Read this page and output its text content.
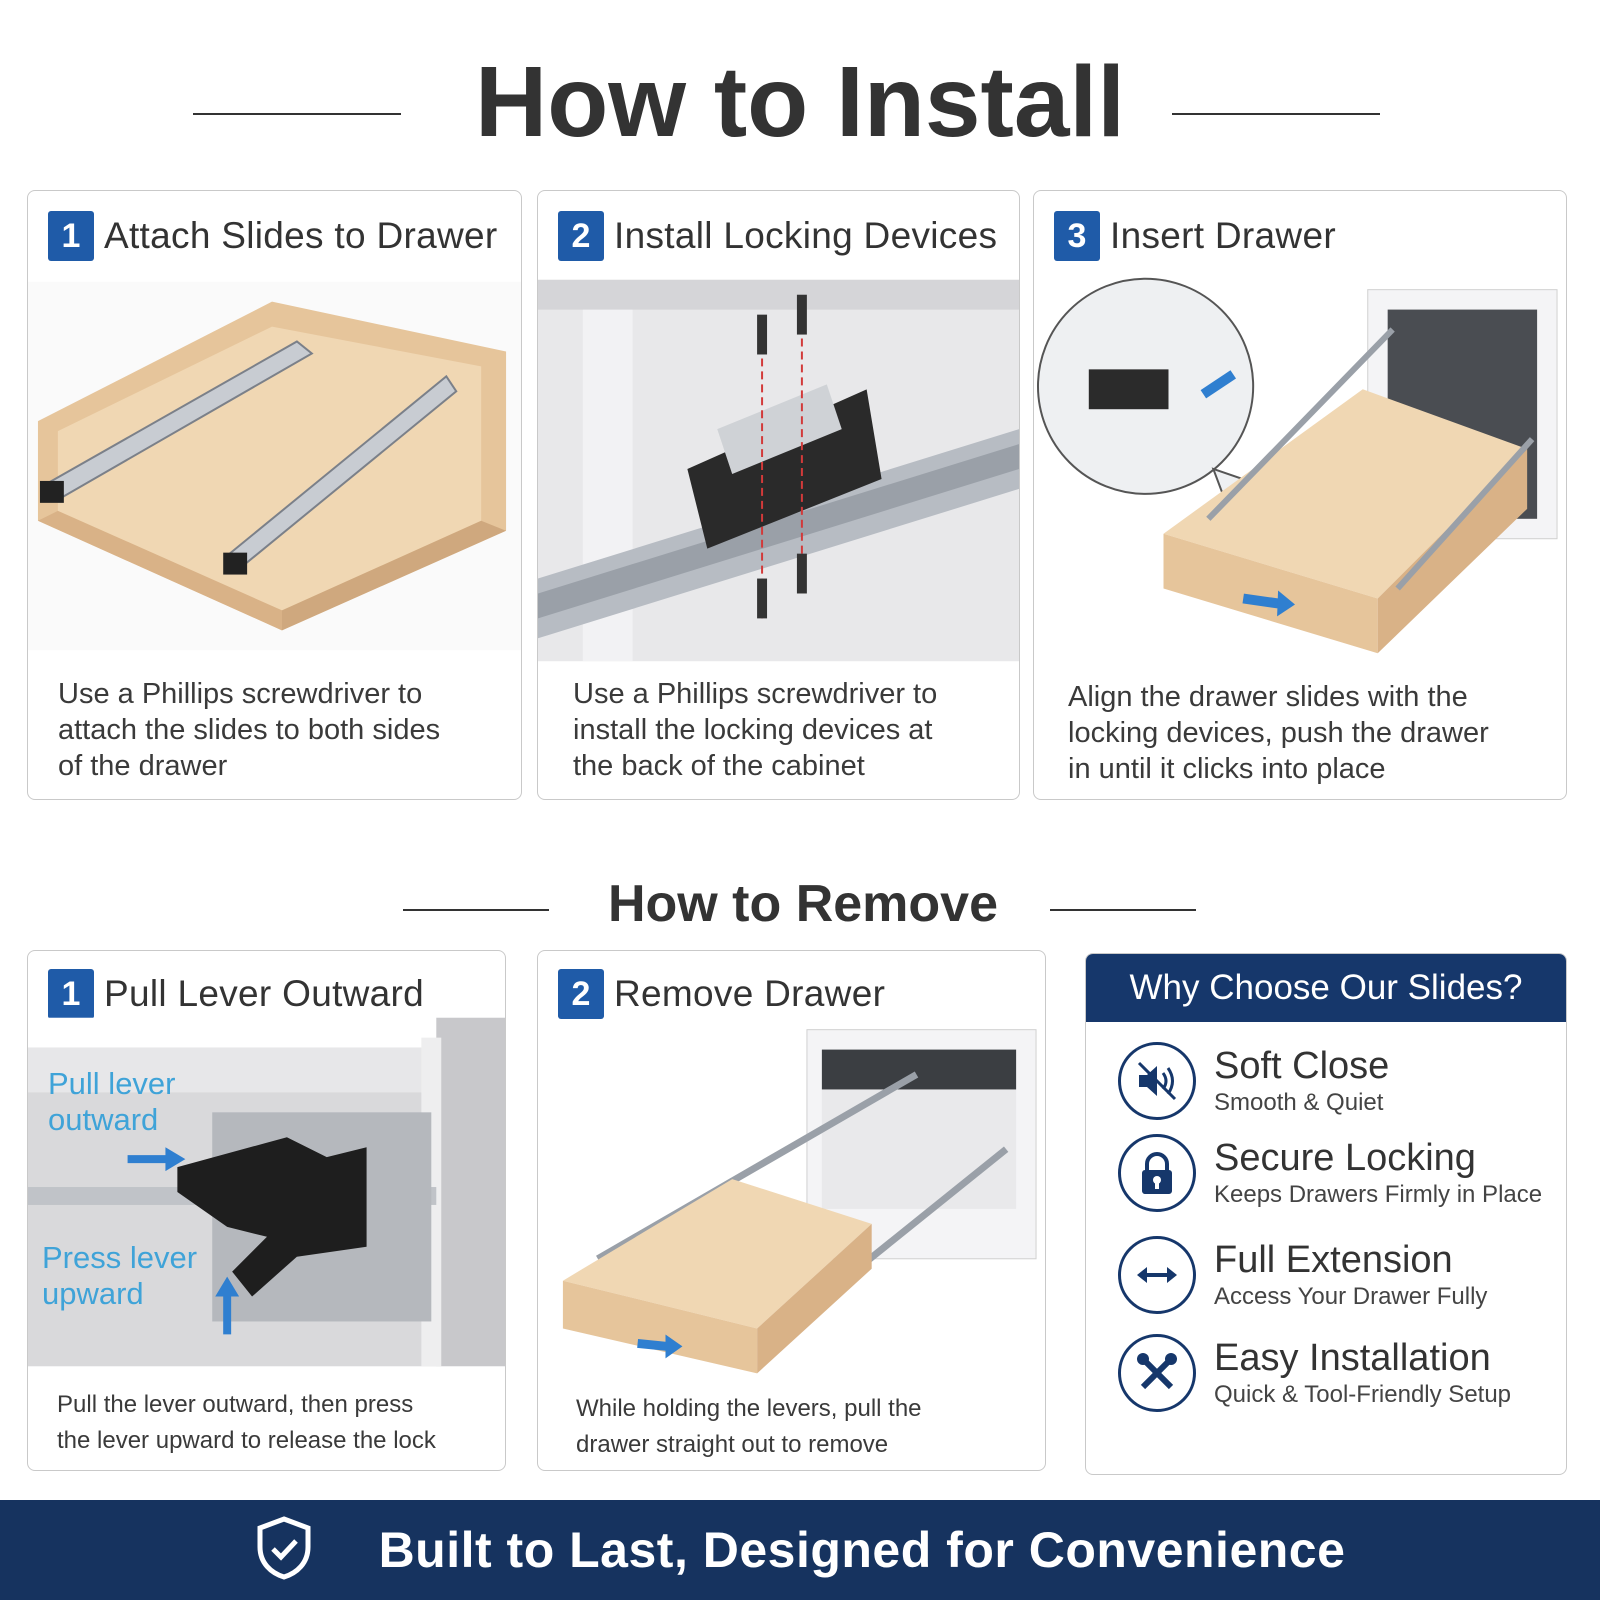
How to Install
1 Attach Slides to Drawer
Use a Phillips screwdriver to
attach the slides to both sides
of the drawer
2 Install Locking Devices
Use a Phillips screwdriver to
install the locking devices at
the back of the cabinet
3 Insert Drawer
Align the drawer slides with the
locking devices, push the drawer
in until it clicks into place
How to Remove
1 Pull Lever Outward
Pull lever
outward
Press lever
upward
Pull the lever outward, then press
the lever upward to release the lock
2 Remove Drawer
While holding the levers, pull the
drawer straight out to remove
Why Choose Our Slides?
Soft Close
Smooth & Quiet
Secure Locking
Keeps Drawers Firmly in Place
Full Extension
Access Your Drawer Fully
Easy Installation
Quick & Tool-Friendly Setup
Built to Last, Designed for Convenience
